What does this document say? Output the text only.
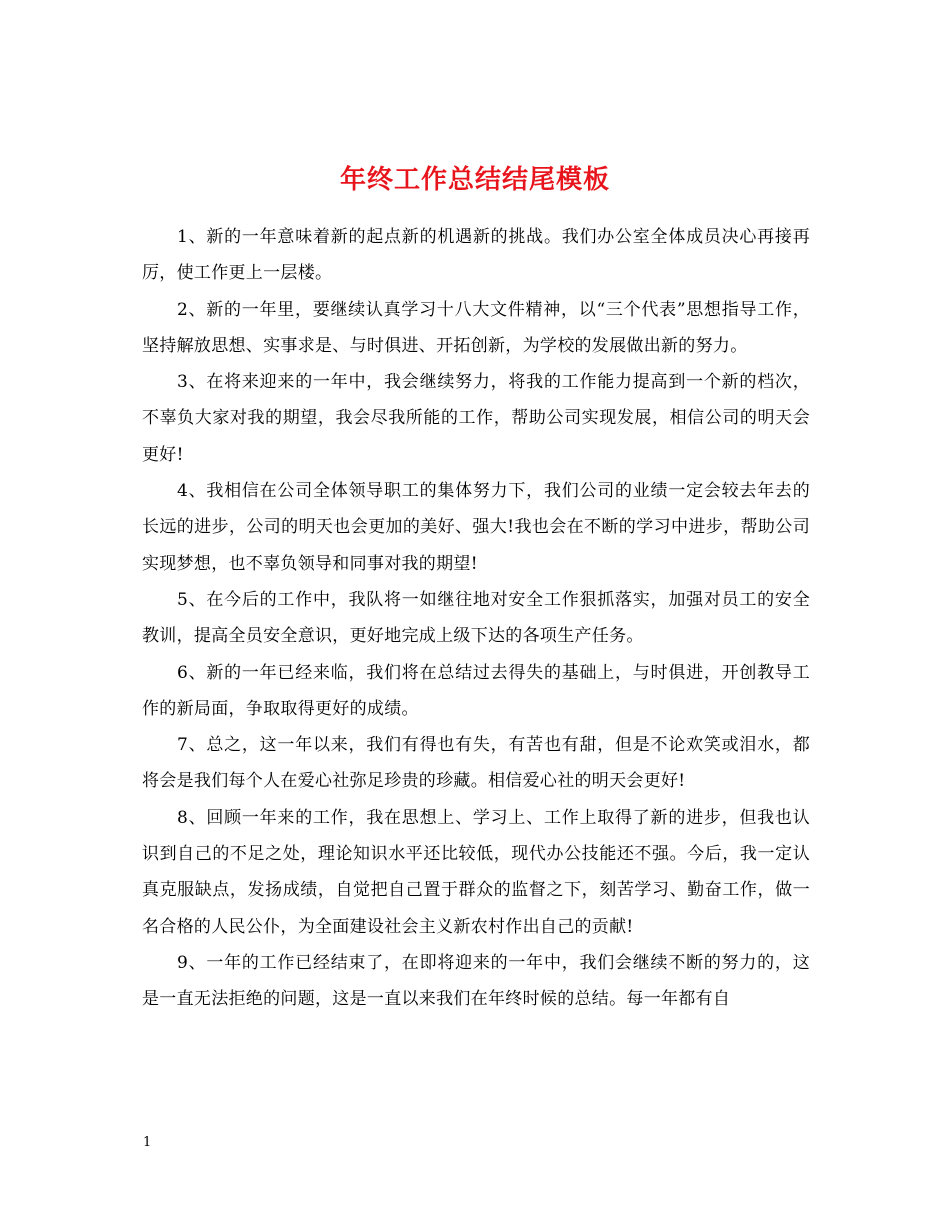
年终工作总结结尾模板

1、新的一年意味着新的起点新的机遇新的挑战。我们办公室全体成员决心再接再厉，使工作更上一层楼。

2、新的一年里，要继续认真学习十八大文件精神，以“三个代表”思想指导工作，坚持解放思想、实事求是、与时俱进、开拓创新，为学校的发展做出新的努力。

3、在将来迎来的一年中，我会继续努力，将我的工作能力提高到一个新的档次，不辜负大家对我的期望，我会尽我所能的工作，帮助公司实现发展，相信公司的明天会更好!

4、我相信在公司全体领导职工的集体努力下，我们公司的业绩一定会较去年去的长远的进步，公司的明天也会更加的美好、强大!我也会在不断的学习中进步，帮助公司实现梦想，也不辜负领导和同事对我的期望!

5、在今后的工作中，我队将一如继往地对安全工作狠抓落实，加强对员工的安全教训，提高全员安全意识，更好地完成上级下达的各项生产任务。

6、新的一年已经来临，我们将在总结过去得失的基础上，与时俱进，开创教导工作的新局面，争取取得更好的成绩。

7、总之，这一年以来，我们有得也有失，有苦也有甜，但是不论欢笑或泪水，都将会是我们每个人在爱心社弥足珍贵的珍藏。相信爱心社的明天会更好!

8、回顾一年来的工作，我在思想上、学习上、工作上取得了新的进步，但我也认识到自己的不足之处，理论知识水平还比较低，现代办公技能还不强。今后，我一定认真克服缺点，发扬成绩，自觉把自己置于群众的监督之下，刻苦学习、勤奋工作，做一名合格的人民公仆，为全面建设社会主义新农村作出自己的贡献!

9、一年的工作已经结束了，在即将迎来的一年中，我们会继续不断的努力的，这是一直无法拒绝的问题，这是一直以来我们在年终时候的总结。每一年都有自

1
